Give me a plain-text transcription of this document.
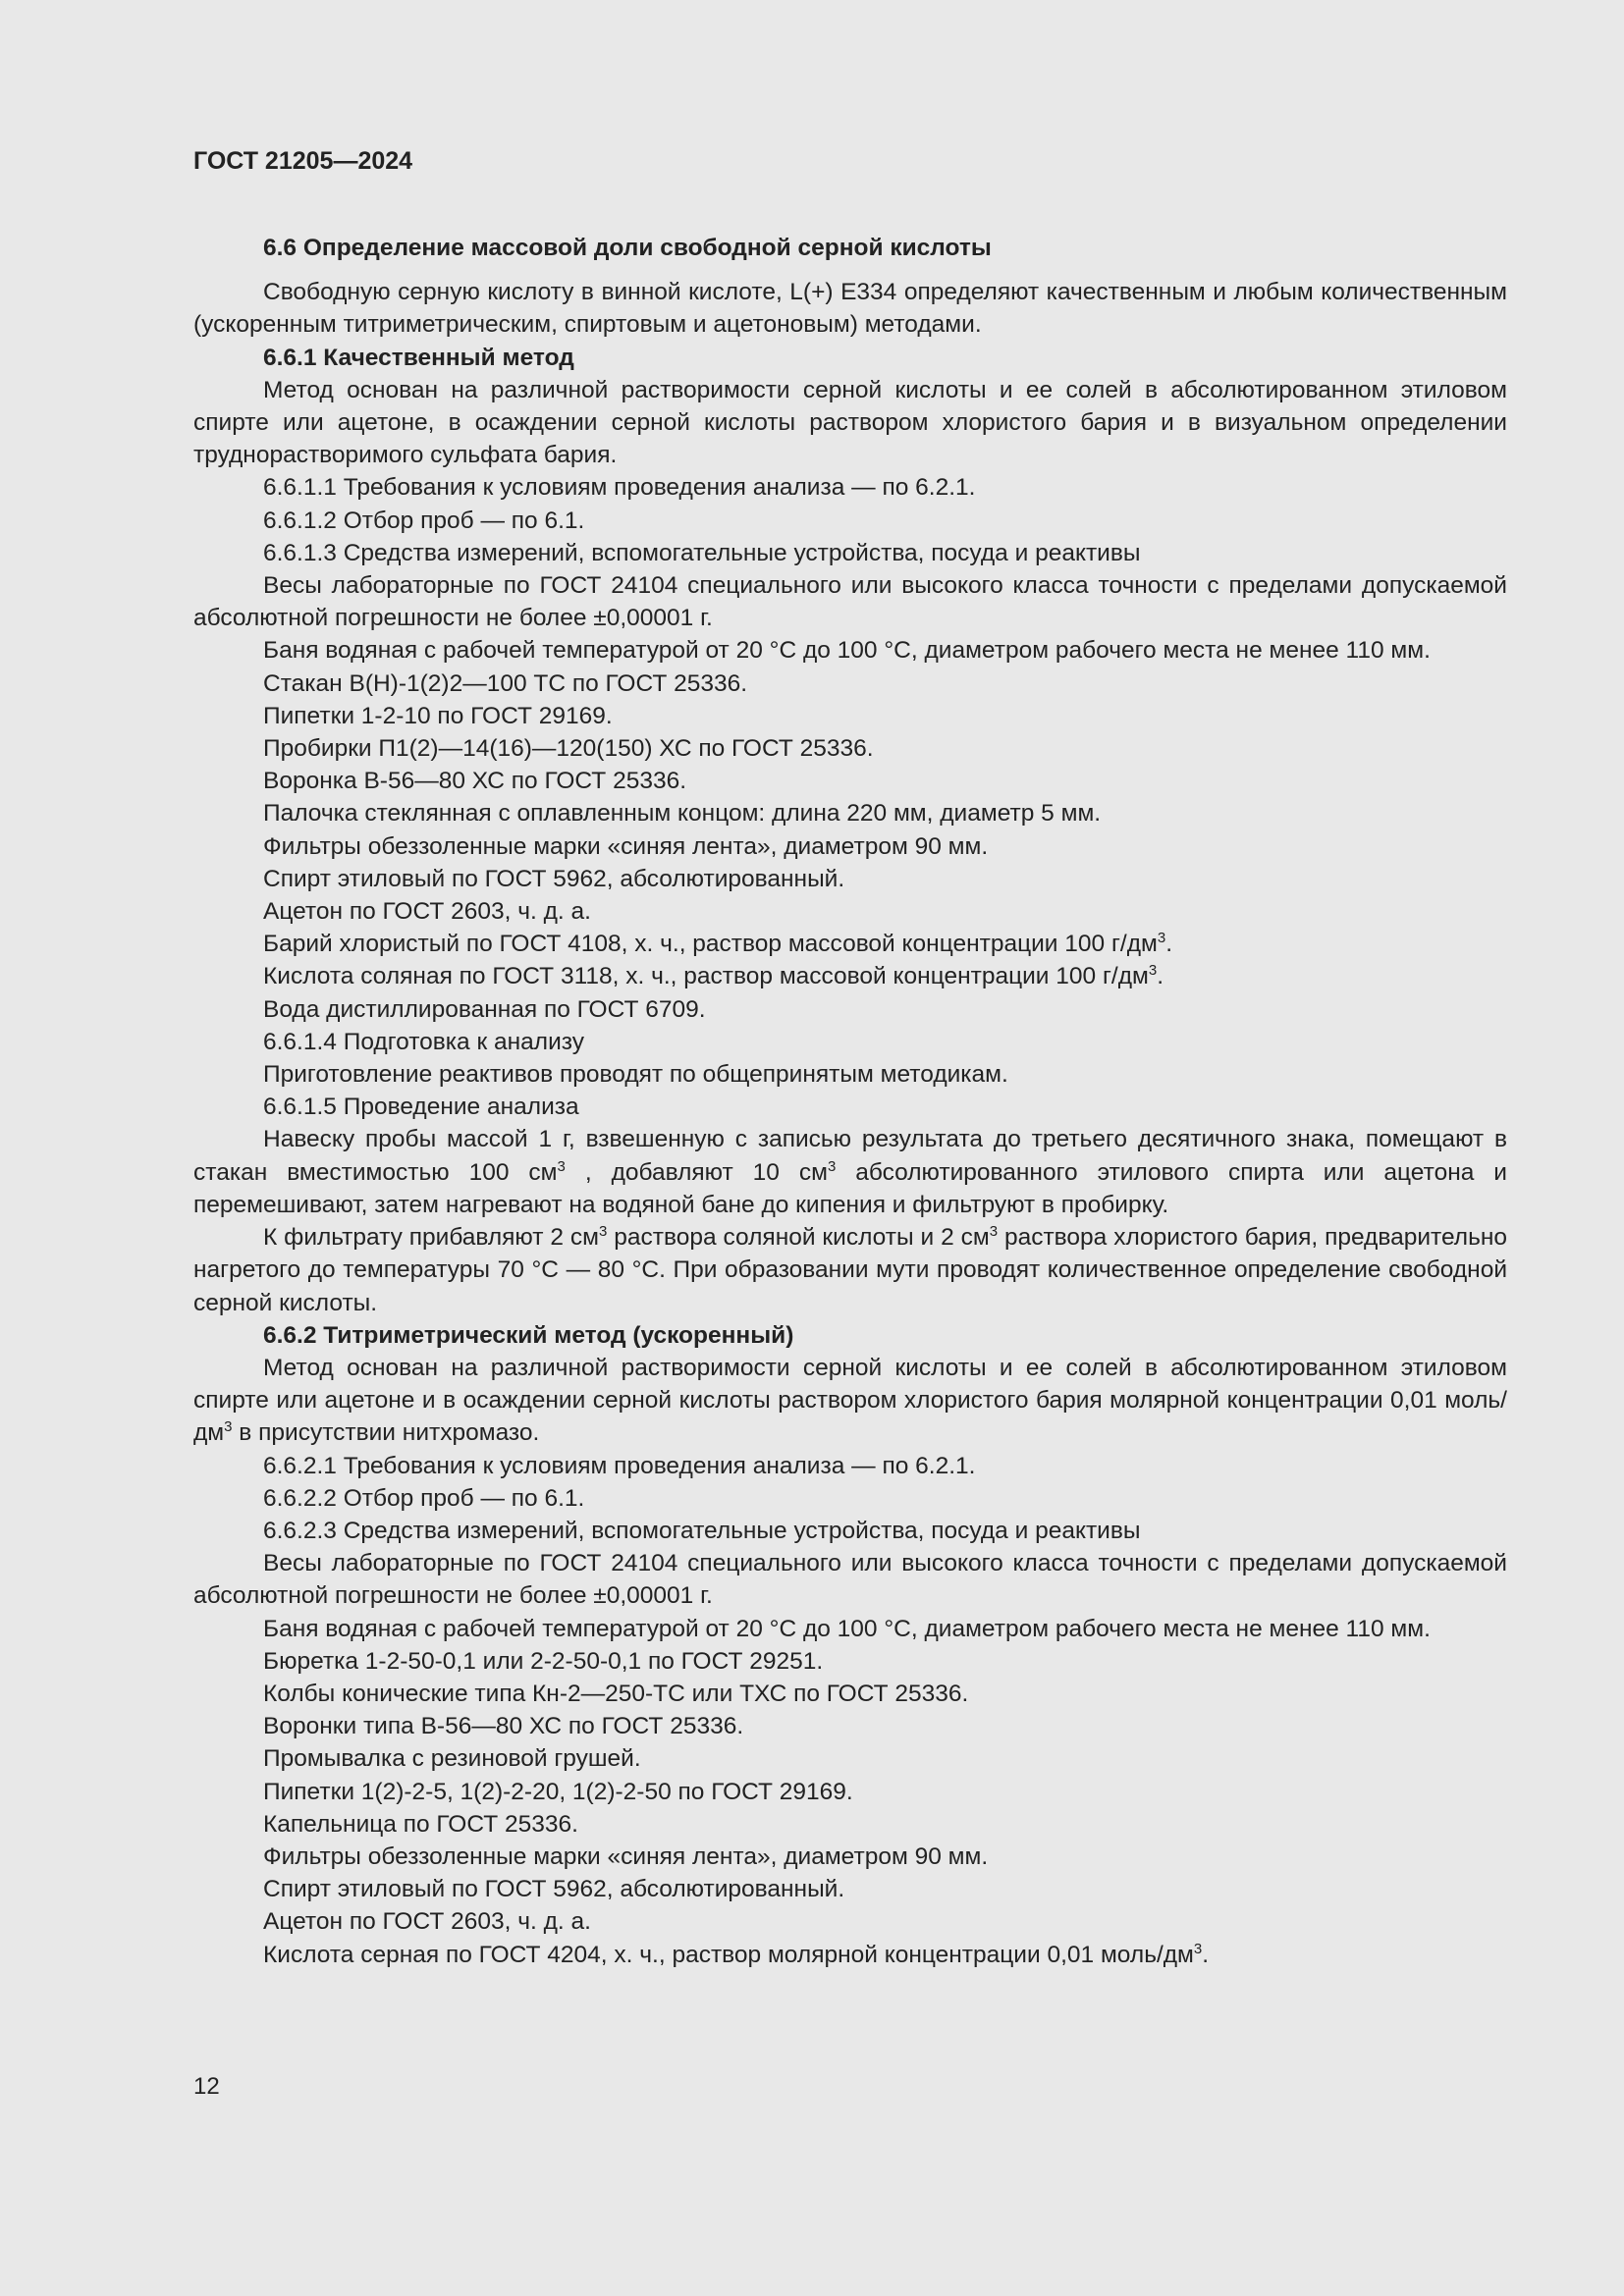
ГОСТ 21205—2024
6.6 Определение массовой доли свободной серной кислоты
Свободную серную кислоту в винной кислоте, L(+) Е334 определяют качественным и любым количественным (ускоренным титриметрическим, спиртовым и ацетоновым) методами.
6.6.1 Качественный метод
Метод основан на различной растворимости серной кислоты и ее солей в абсолютированном этиловом спирте или ацетоне, в осаждении серной кислоты раствором хлористого бария и в визуальном определении труднорастворимого сульфата бария.
6.6.1.1 Требования к условиям проведения анализа — по 6.2.1.
6.6.1.2 Отбор проб — по 6.1.
6.6.1.3 Средства измерений, вспомогательные устройства, посуда и реактивы
Весы лабораторные по ГОСТ 24104 специального или высокого класса точности с пределами допускаемой абсолютной погрешности не более ±0,00001 г.
Баня водяная с рабочей температурой от 20 °С до 100 °С, диаметром рабочего места не менее 110 мм.
Стакан В(Н)-1(2)2—100 ТС по ГОСТ 25336.
Пипетки 1-2-10 по ГОСТ 29169.
Пробирки П1(2)—14(16)—120(150) ХС по ГОСТ 25336.
Воронка В-56—80 ХС по ГОСТ 25336.
Палочка стеклянная с оплавленным концом: длина 220 мм, диаметр 5 мм.
Фильтры обеззоленные марки «синяя лента», диаметром 90 мм.
Спирт этиловый по ГОСТ 5962, абсолютированный.
Ацетон по ГОСТ 2603, ч. д. а.
Барий хлористый по ГОСТ 4108, х. ч., раствор массовой концентрации 100 $г/дм^3$.
Кислота соляная по ГОСТ 3118, х. ч., раствор массовой концентрации 100 $г/дм^3$.
Вода дистиллированная по ГОСТ 6709.
6.6.1.4 Подготовка к анализу
Приготовление реактивов проводят по общепринятым методикам.
6.6.1.5 Проведение анализа
Навеску пробы массой 1 г, взвешенную с записью результата до третьего десятичного знака, помещают в стакан вместимостью 100 $см^3$ , добавляют 10 $см^3$ абсолютированного этилового спирта или ацетона и перемешивают, затем нагревают на водяной бане до кипения и фильтруют в пробирку.
К фильтрату прибавляют 2 $см^3$ раствора соляной кислоты и 2 $см^3$ раствора хлористого бария, предварительно нагретого до температуры 70 °С — 80 °С. При образовании мути проводят количественное определение свободной серной кислоты.
6.6.2 Титриметрический метод (ускоренный)
Метод основан на различной растворимости серной кислоты и ее солей в абсолютированном этиловом спирте или ацетоне и в осаждении серной кислоты раствором хлористого бария молярной концентрации 0,01 моль/$дм^3$ в присутствии нитхромазо.
6.6.2.1 Требования к условиям проведения анализа — по 6.2.1.
6.6.2.2 Отбор проб — по 6.1.
6.6.2.3 Средства измерений, вспомогательные устройства, посуда и реактивы
Весы лабораторные по ГОСТ 24104 специального или высокого класса точности с пределами допускаемой абсолютной погрешности не более ±0,00001 г.
Баня водяная с рабочей температурой от 20 °С до 100 °С, диаметром рабочего места не менее 110 мм.
Бюретка 1-2-50-0,1 или 2-2-50-0,1 по ГОСТ 29251.
Колбы конические типа Кн-2—250-ТС или ТХС по ГОСТ 25336.
Воронки типа В-56—80 ХС по ГОСТ 25336.
Промывалка с резиновой грушей.
Пипетки 1(2)-2-5, 1(2)-2-20, 1(2)-2-50 по ГОСТ 29169.
Капельница по ГОСТ 25336.
Фильтры обеззоленные марки «синяя лента», диаметром 90 мм.
Спирт этиловый по ГОСТ 5962, абсолютированный.
Ацетон по ГОСТ 2603, ч. д. а.
Кислота серная по ГОСТ 4204, х. ч., раствор молярной концентрации 0,01 моль/$дм^3$.
12
